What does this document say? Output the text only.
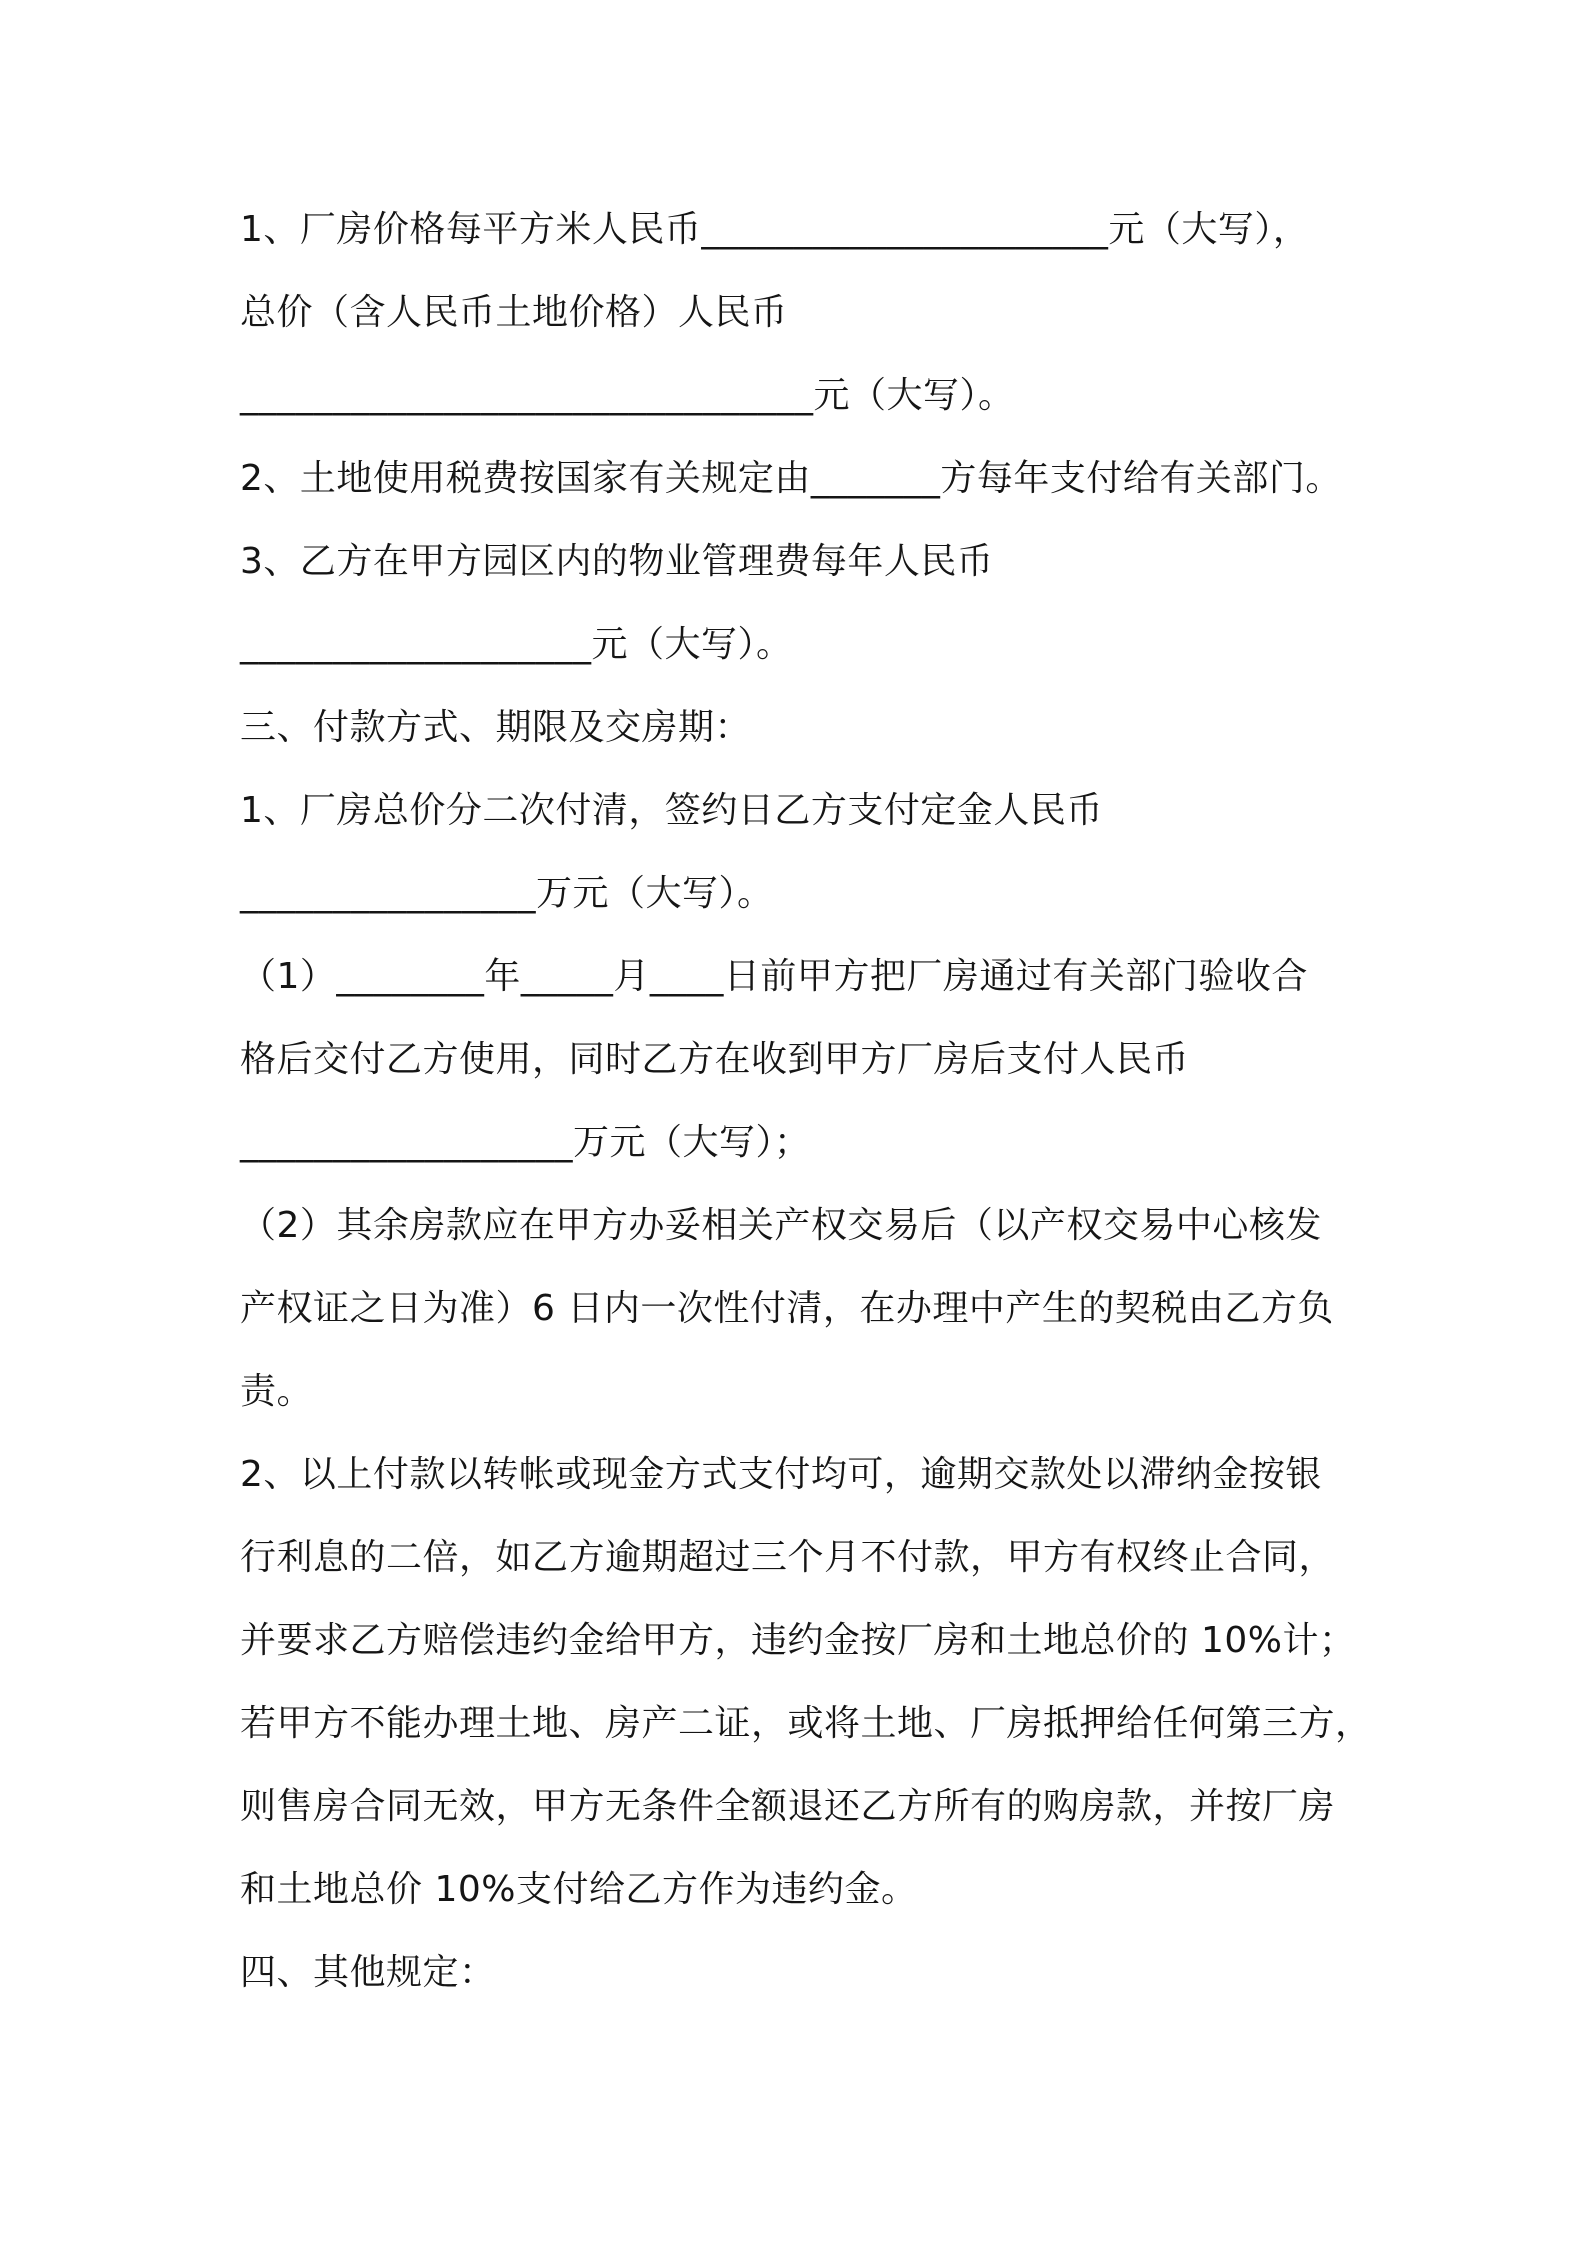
1、厂房价格每平方米人民币______________________元（大写），
总价（含人民币土地价格）人民币
_______________________________元（大写）。
2、土地使用税费按国家有关规定由_______方每年支付给有关部门。
3、乙方在甲方园区内的物业管理费每年人民币
___________________元（大写）。
三、付款方式、期限及交房期：
1、厂房总价分二次付清，签约日乙方支付定金人民币
________________万元（大写）。
（1）________年_____月____日前甲方把厂房通过有关部门验收合
格后交付乙方使用，同时乙方在收到甲方厂房后支付人民币
__________________万元（大写）；
（2）其余房款应在甲方办妥相关产权交易后（以产权交易中心核发
产权证之日为准）6 日内一次性付清，在办理中产生的契税由乙方负
责。
2、以上付款以转帐或现金方式支付均可，逾期交款处以滞纳金按银
行利息的二倍，如乙方逾期超过三个月不付款，甲方有权终止合同，
并要求乙方赔偿违约金给甲方，违约金按厂房和土地总价的 10%计；
若甲方不能办理土地、房产二证，或将土地、厂房抵押给任何第三方，
则售房合同无效，甲方无条件全额退还乙方所有的购房款，并按厂房
和土地总价 10%支付给乙方作为违约金。
四、其他规定：
